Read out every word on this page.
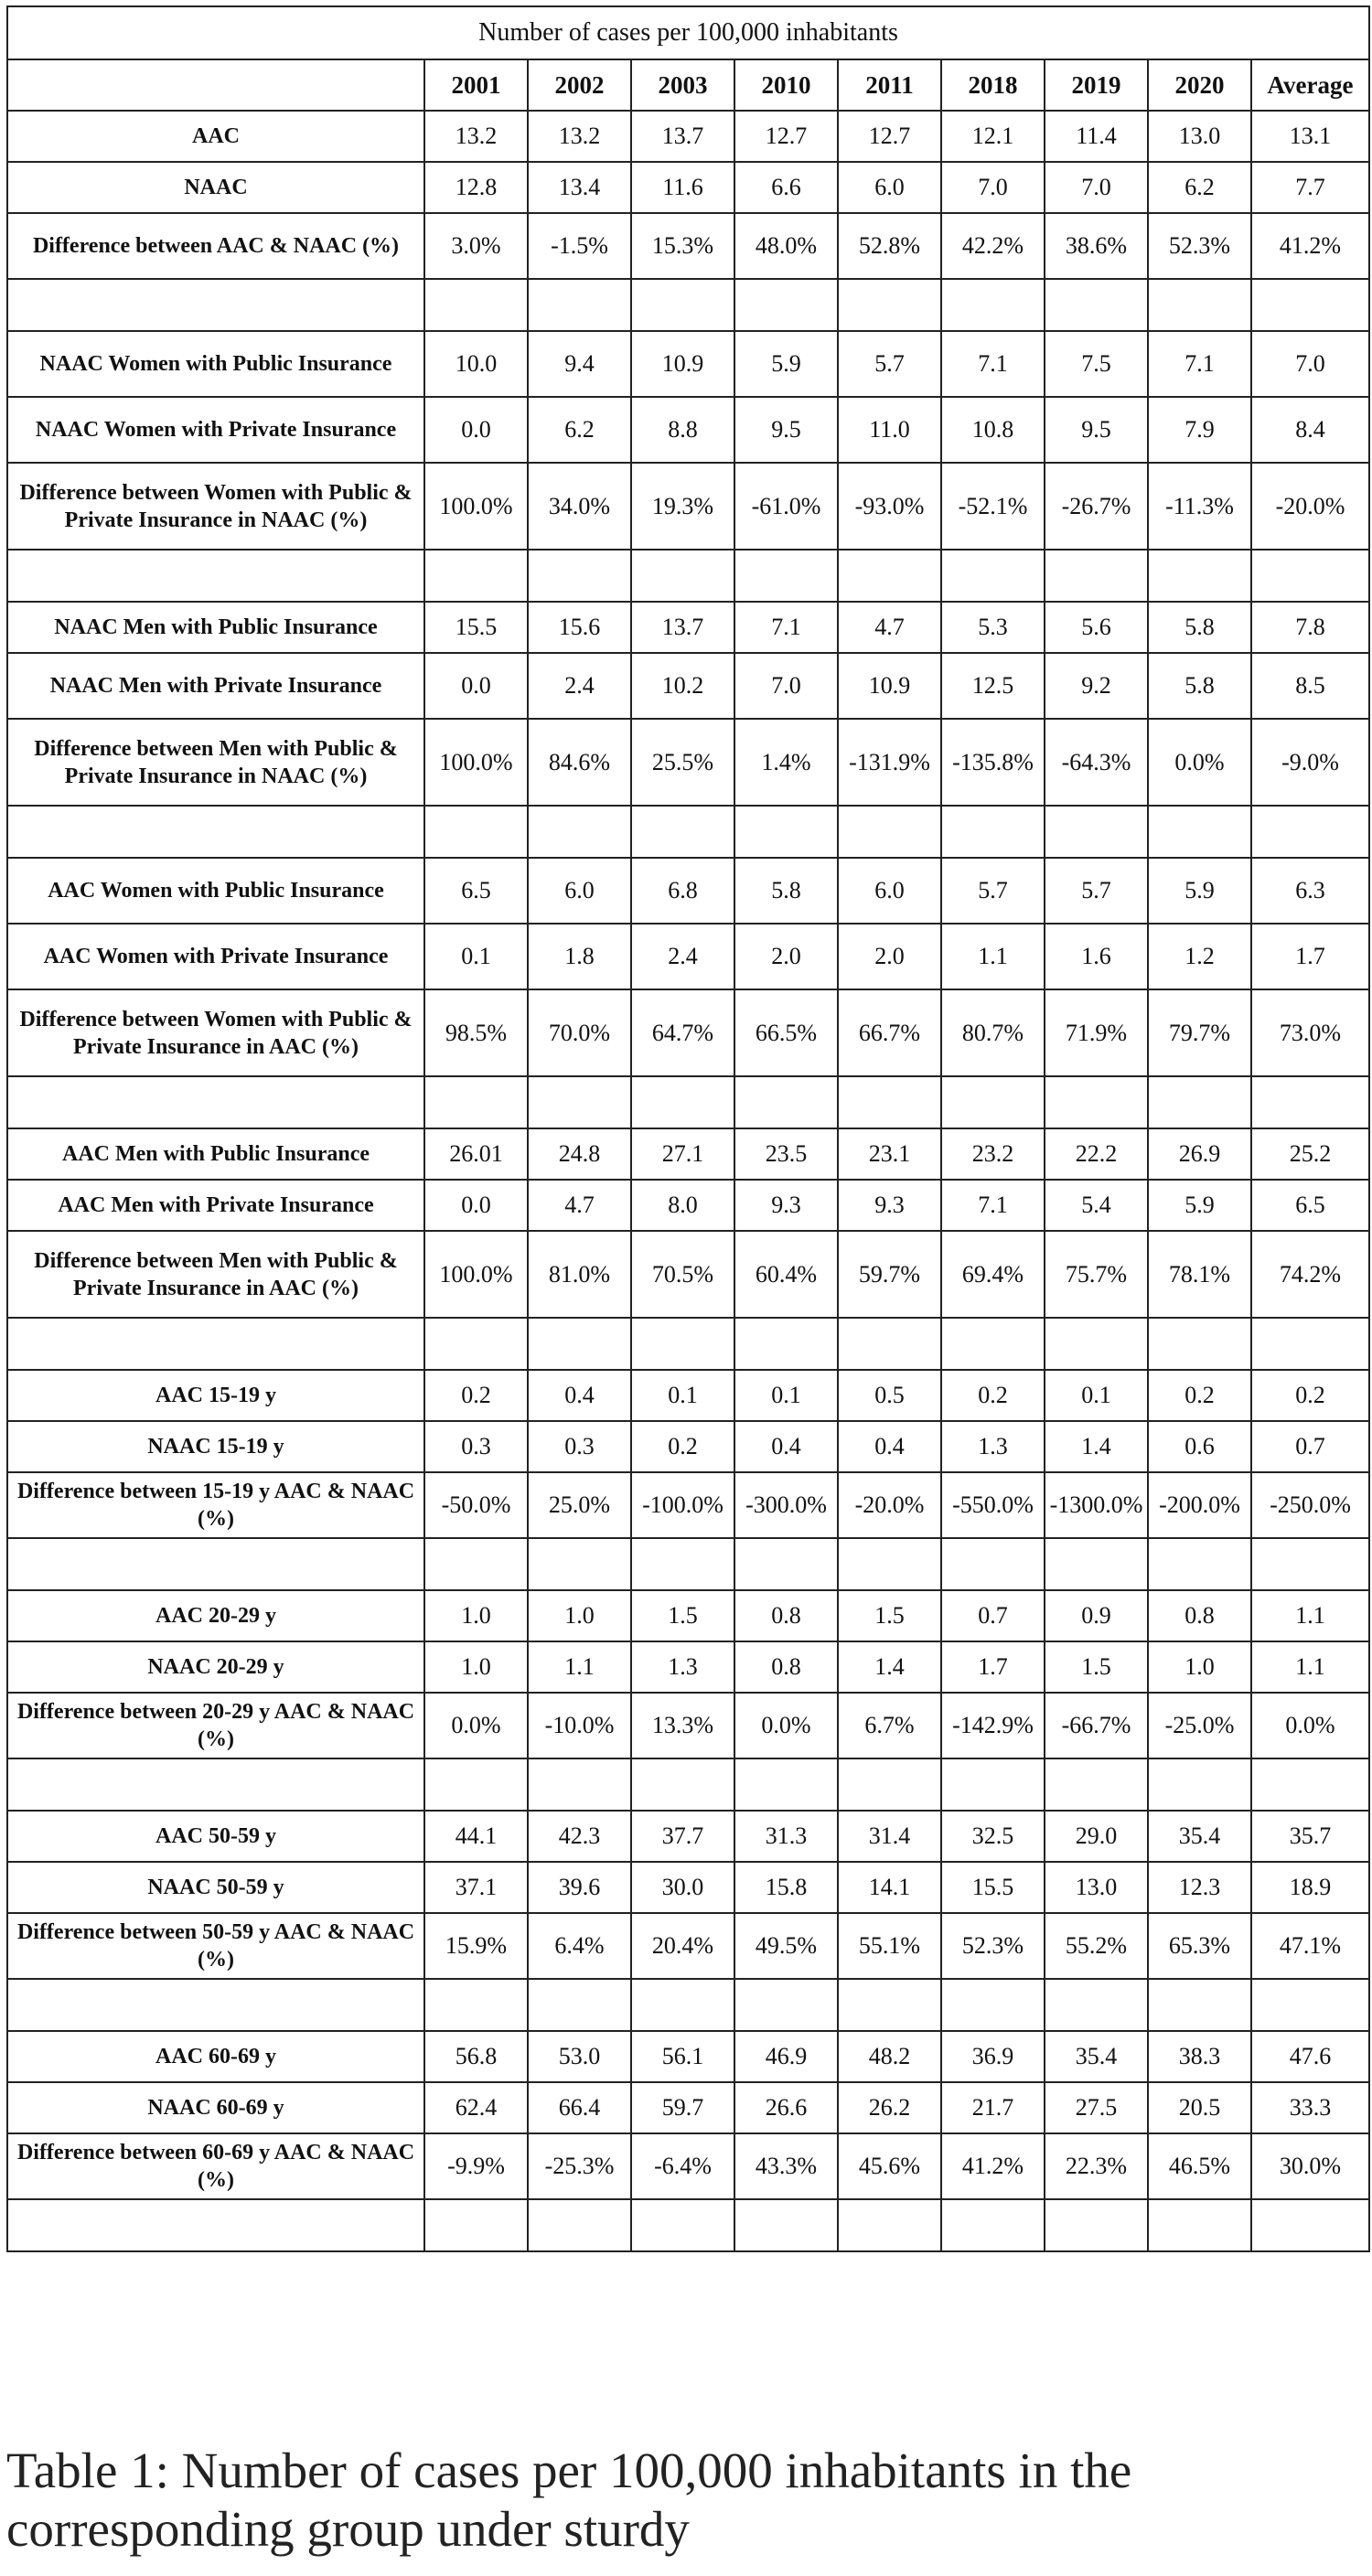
Number of cases per 100,000 inhabitants									
	2001	2002	2003	2010	2011	2018	2019	2020	Average
AAC	13.2	13.2	13.7	12.7	12.7	12.1	11.4	13.0	13.1
NAAC	12.8	13.4	11.6	6.6	6.0	7.0	7.0	6.2	7.7
Difference between AAC & NAAC (%)	3.0%	-1.5%	15.3%	48.0%	52.8%	42.2%	38.6%	52.3%	41.2%

NAAC Women with Public Insurance	10.0	9.4	10.9	5.9	5.7	7.1	7.5	7.1	7.0
NAAC Women with Private Insurance	0.0	6.2	8.8	9.5	11.0	10.8	9.5	7.9	8.4
Difference between Women with Public & Private Insurance in NAAC (%)	100.0%	34.0%	19.3%	-61.0%	-93.0%	-52.1%	-26.7%	-11.3%	-20.0%

NAAC Men with Public Insurance	15.5	15.6	13.7	7.1	4.7	5.3	5.6	5.8	7.8
NAAC Men with Private Insurance	0.0	2.4	10.2	7.0	10.9	12.5	9.2	5.8	8.5
Difference between Men with Public & Private Insurance in NAAC (%)	100.0%	84.6%	25.5%	1.4%	-131.9%	-135.8%	-64.3%	0.0%	-9.0%

AAC Women with Public Insurance	6.5	6.0	6.8	5.8	6.0	5.7	5.7	5.9	6.3
AAC Women with Private Insurance	0.1	1.8	2.4	2.0	2.0	1.1	1.6	1.2	1.7
Difference between Women with Public & Private Insurance in AAC (%)	98.5%	70.0%	64.7%	66.5%	66.7%	80.7%	71.9%	79.7%	73.0%

AAC Men with Public Insurance	26.01	24.8	27.1	23.5	23.1	23.2	22.2	26.9	25.2
AAC Men with Private Insurance	0.0	4.7	8.0	9.3	9.3	7.1	5.4	5.9	6.5
Difference between Men with Public & Private Insurance in AAC (%)	100.0%	81.0%	70.5%	60.4%	59.7%	69.4%	75.7%	78.1%	74.2%

AAC 15-19 y	0.2	0.4	0.1	0.1	0.5	0.2	0.1	0.2	0.2
NAAC 15-19 y	0.3	0.3	0.2	0.4	0.4	1.3	1.4	0.6	0.7
Difference between 15-19 y AAC & NAAC (%)	-50.0%	25.0%	-100.0%	-300.0%	-20.0%	-550.0%	-1300.0%	-200.0%	-250.0%

AAC 20-29 y	1.0	1.0	1.5	0.8	1.5	0.7	0.9	0.8	1.1
NAAC 20-29 y	1.0	1.1	1.3	0.8	1.4	1.7	1.5	1.0	1.1
Difference between 20-29 y AAC & NAAC (%)	0.0%	-10.0%	13.3%	0.0%	6.7%	-142.9%	-66.7%	-25.0%	0.0%

AAC 50-59 y	44.1	42.3	37.7	31.3	31.4	32.5	29.0	35.4	35.7
NAAC 50-59 y	37.1	39.6	30.0	15.8	14.1	15.5	13.0	12.3	18.9
Difference between 50-59 y AAC & NAAC (%)	15.9%	6.4%	20.4%	49.5%	55.1%	52.3%	55.2%	65.3%	47.1%

AAC 60-69 y	56.8	53.0	56.1	46.9	48.2	36.9	35.4	38.3	47.6
NAAC 60-69 y	62.4	66.4	59.7	26.6	26.2	21.7	27.5	20.5	33.3
Difference between 60-69 y AAC & NAAC (%)	-9.9%	-25.3%	-6.4%	43.3%	45.6%	41.2%	22.3%	46.5%	30.0%

Table 1: Number of cases per 100,000 inhabitants in the corresponding group under sturdy
